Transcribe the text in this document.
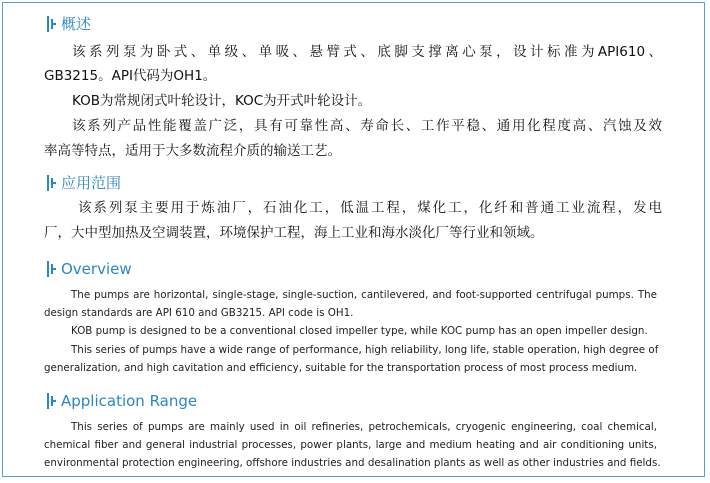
概述
该系列泵为卧式、单级、单吸、悬臂式、底脚支撑离心泵，设计标准为API610、
GB3215。API代码为OH1。
KOB为常规闭式叶轮设计，KOC为开式叶轮设计。
该系列产品性能覆盖广泛，具有可靠性高、寿命长、工作平稳、通用化程度高、汽蚀及效
率高等特点，适用于大多数流程介质的输送工艺。
应用范围
该系列泵主要用于炼油厂，石油化工，低温工程，煤化工，化纤和普通工业流程，发电
厂，大中型加热及空调装置，环境保护工程，海上工业和海水淡化厂等行业和领域。
Overview
The pumps are horizontal, single-stage, single-suction, cantilevered, and foot-supported centrifugal pumps. The
design standards are API 610 and GB3215. API code is OH1.
KOB pump is designed to be a conventional closed impeller type, while KOC pump has an open impeller design.
This series of pumps have a wide range of performance, high reliability, long life, stable operation, high degree of
generalization, and high cavitation and efficiency, suitable for the transportation process of most process medium.
Application Range
This series of pumps are mainly used in oil refineries, petrochemicals, cryogenic engineering, coal chemical,
chemical fiber and general industrial processes, power plants, large and medium heating and air conditioning units,
environmental protection engineering, offshore industries and desalination plants as well as other industries and fields.
